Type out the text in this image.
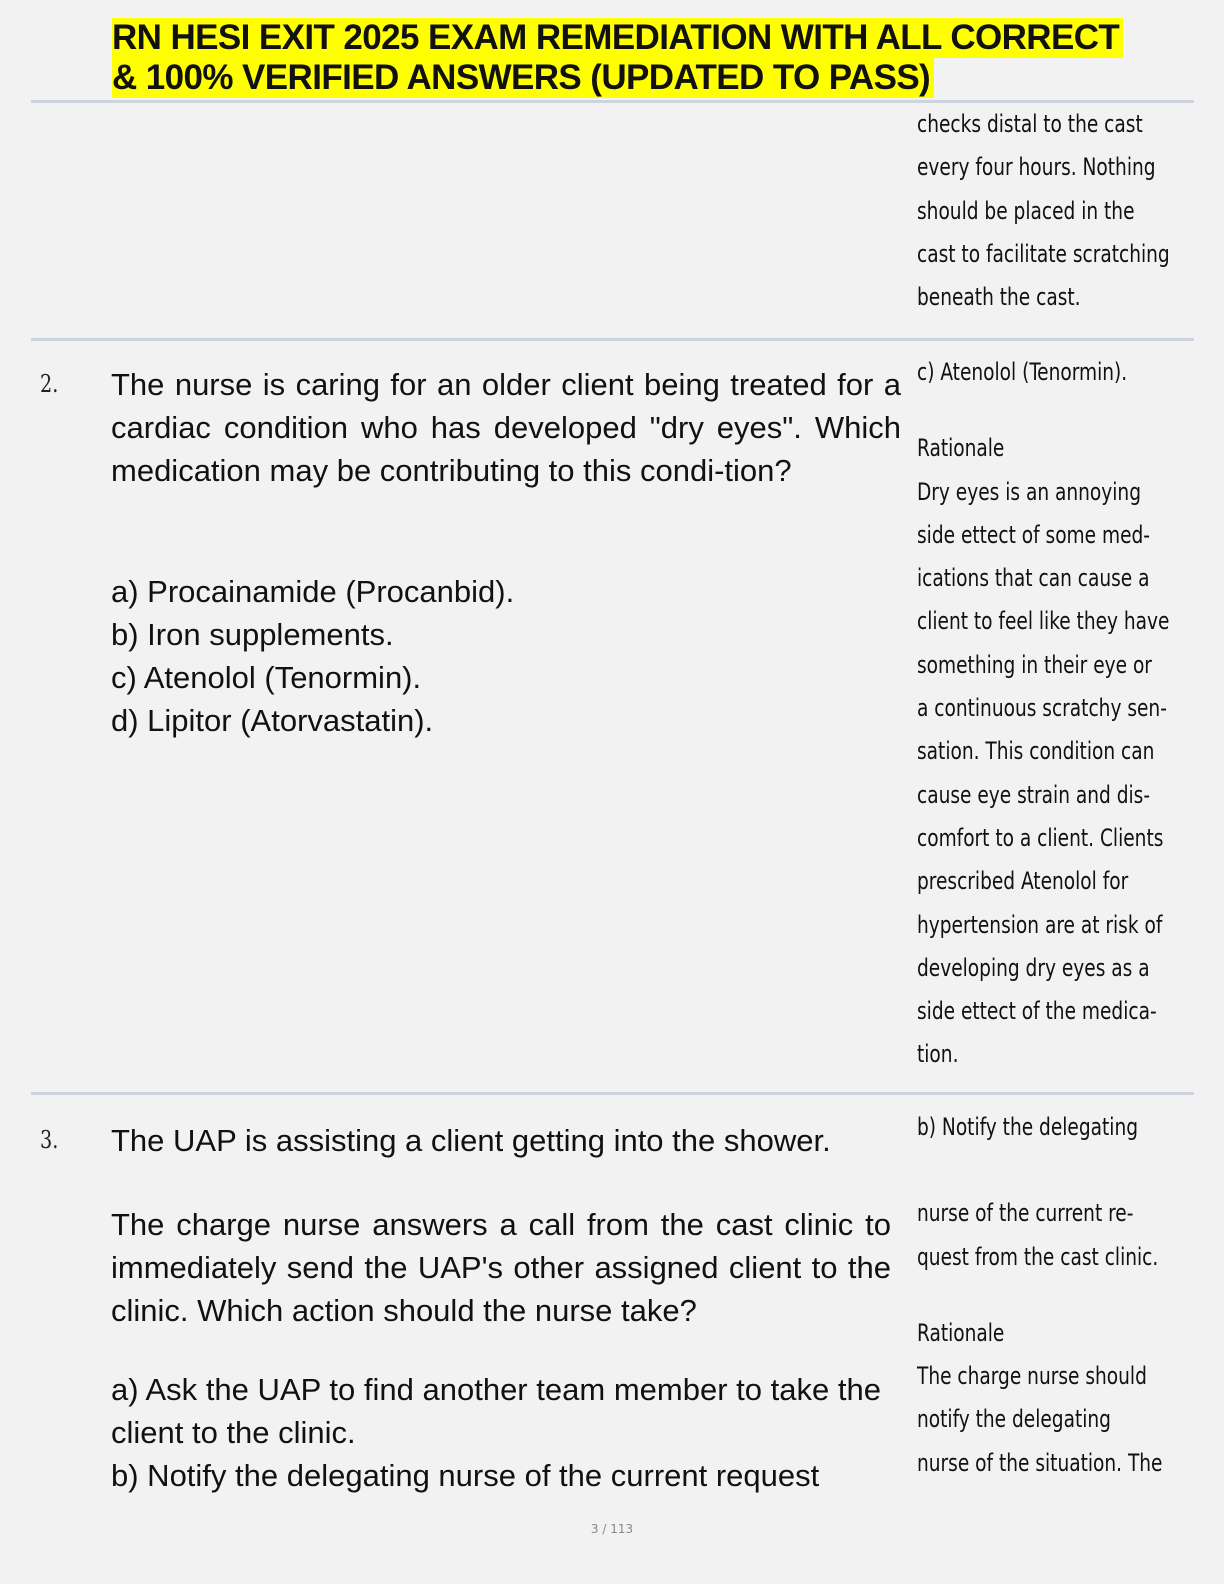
RN HESI EXIT 2025 EXAM REMEDIATION WITH ALL CORRECT
& 100% VERIFIED ANSWERS (UPDATED TO PASS)

checks distal to the cast

every four hours. Nothing

should be placed in the

cast to facilitate scratching

beneath the cast.

2. The nurse is caring for an older client being treated for a cardiac condition who has developed "dry eyes". Which medication may be contributing to this condi-tion?

a) Procainamide (Procanbid).
b) Iron supplements.
c) Atenolol (Tenormin).
d) Lipitor (Atorvastatin).

c) Atenolol (Tenormin).

Rationale

Dry eyes is an annoying

side ettect of some med-

ications that can cause a

client to feel like they have

something in their eye or

a continuous scratchy sen-

sation. This condition can

cause eye strain and dis-

comfort to a client. Clients

prescribed Atenolol for

hypertension are at risk of

developing dry eyes as a

side ettect of the medica-

tion.

3. The UAP is assisting a client getting into the shower.

The charge nurse answers a call from the cast clinic to immediately send the UAP's other assigned client to the clinic. Which action should the nurse take?

a) Ask the UAP to find another team member to take the client to the clinic.

b) Notify the delegating nurse of the current request

b) Notify the delegating

nurse of the current re-

quest from the cast clinic.

Rationale

The charge nurse should

notify the delegating

nurse of the situation. The

3 / 113
